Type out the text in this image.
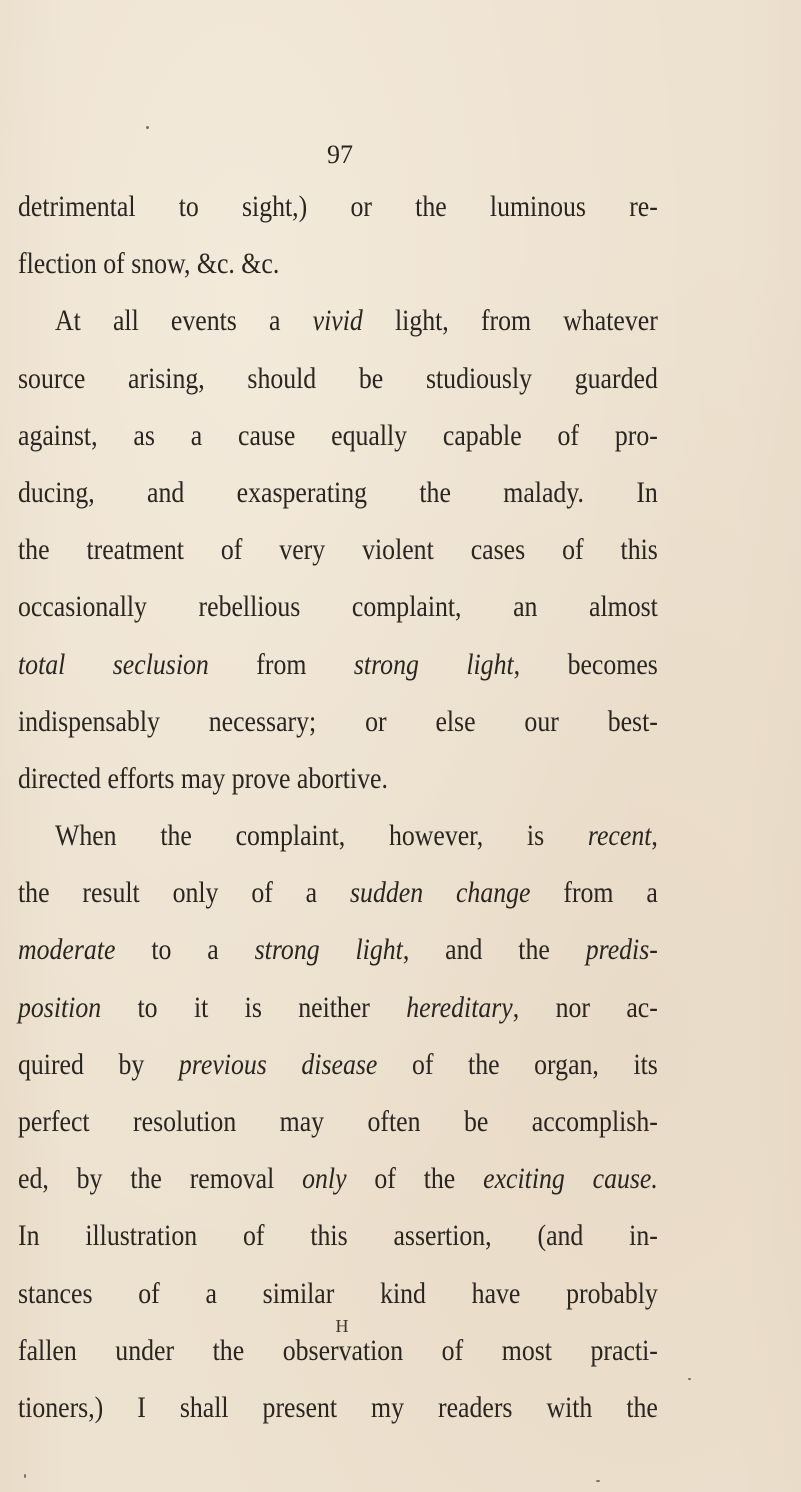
97
detrimental to sight,) or the luminous re-
flection of snow, &c. &c.
At all events a vivid light, from whatever
source arising, should be studiously guarded
against, as a cause equally capable of pro-
ducing, and exasperating the malady. In
the treatment of very violent cases of this
occasionally rebellious complaint, an almost
total seclusion from strong light, becomes
indispensably necessary; or else our best-
directed efforts may prove abortive.
When the complaint, however, is recent,
the result only of a sudden change from a
moderate to a strong light, and the predis-
position to it is neither hereditary, nor ac-
quired by previous disease of the organ, its
perfect resolution may often be accomplish-
ed, by the removal only of the exciting cause.
In illustration of this assertion, (and in-
stances of a similar kind have probably
fallen under the observation of most practi-
tioners,) I shall present my readers with the
H
